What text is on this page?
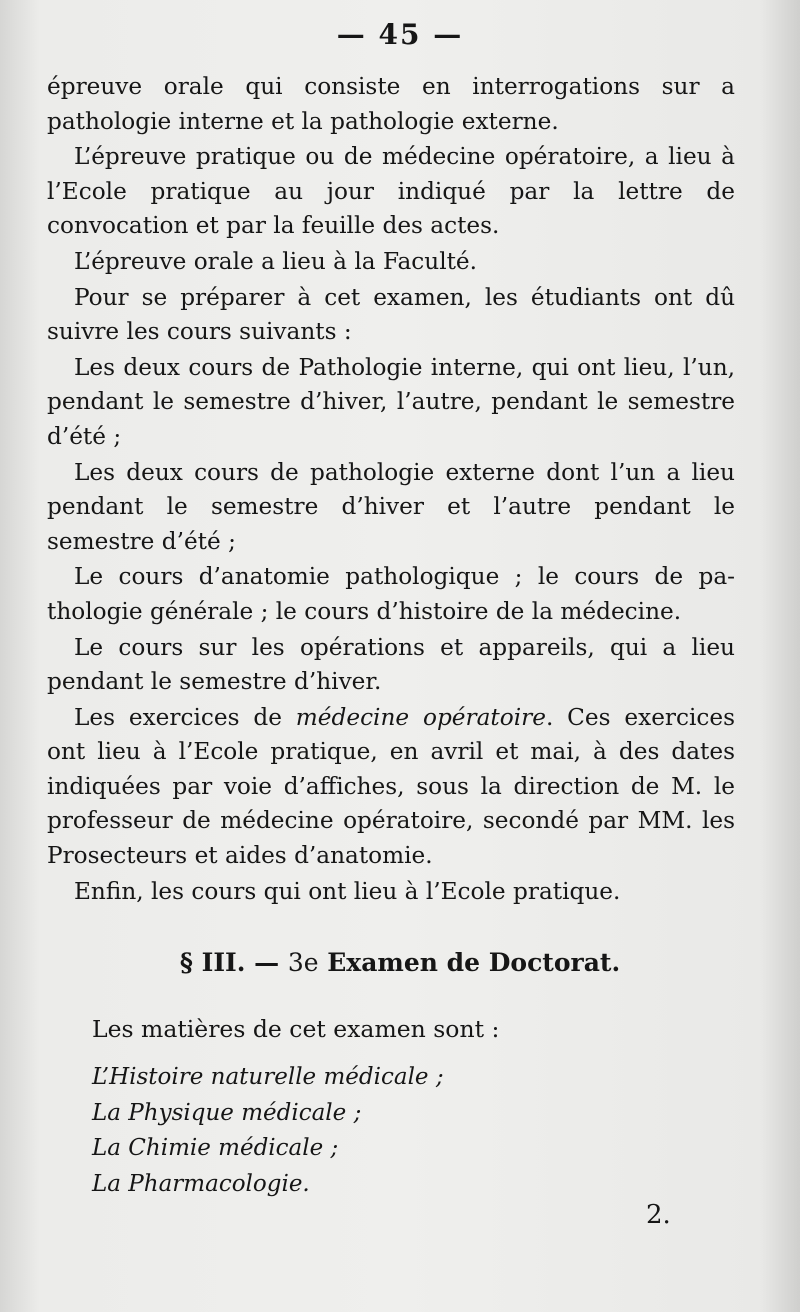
— 45 —

épreuve orale qui consiste en interrogations sur a pathologie interne et la pathologie externe.

L’épreuve pratique ou de médecine opératoire, a lieu à l’Ecole pratique au jour indiqué par la lettre de convocation et par la feuille des actes.

L’épreuve orale a lieu à la Faculté.

Pour se préparer à cet examen, les étudiants ont dû suivre les cours suivants :

Les deux cours de Pathologie interne, qui ont lieu, l’un, pendant le semestre d’hiver, l’autre, pendant le semestre d’été ;

Les deux cours de pathologie externe dont l’un a lieu pendant le semestre d’hiver et l’autre pendant le semestre d’été ;

Le cours d’anatomie pathologique ; le cours de pathologie générale ; le cours d’histoire de la médecine.

Le cours sur les opérations et appareils, qui a lieu pendant le semestre d’hiver.

Les exercices de médecine opératoire. Ces exercices ont lieu à l’Ecole pratique, en avril et mai, à des dates indiquées par voie d’affiches, sous la direction de M. le professeur de médecine opératoire, secondé par MM. les Prosecteurs et aides d’anatomie.

Enfin, les cours qui ont lieu à l’Ecole pratique.

§ III. — 3e Examen de Doctorat.
Les matières de cet examen sont :
L’Histoire naturelle médicale ;
La Physique médicale ;
La Chimie médicale ;
La Pharmacologie.
2.
